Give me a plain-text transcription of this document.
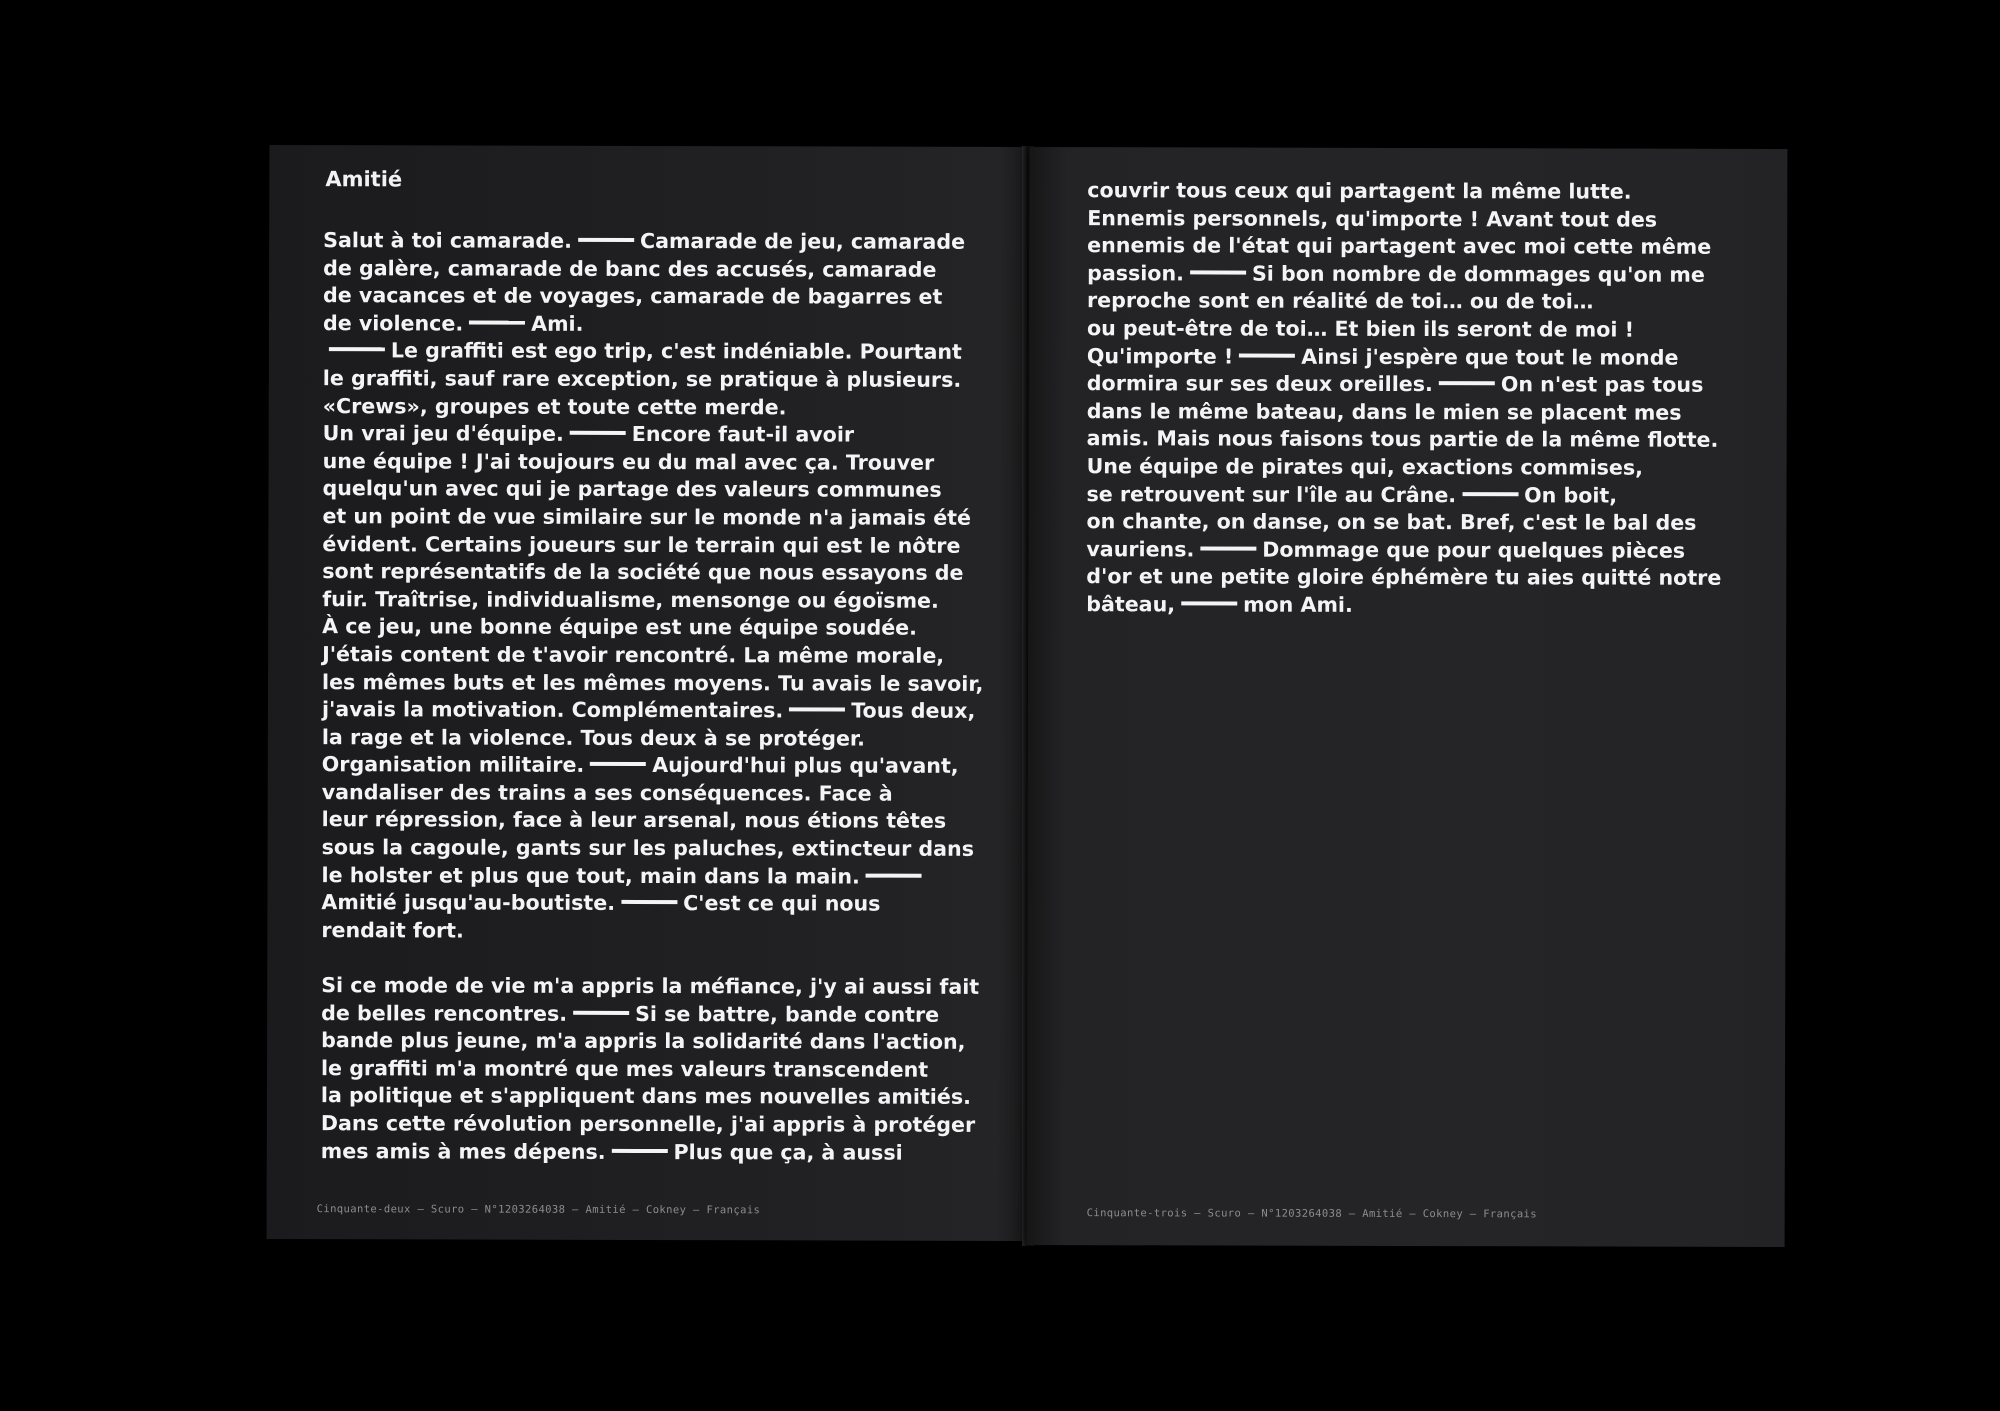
Amitié
Salut à toi camarade.	Camarade de jeu, camarade
de galère, camarade de banc des accusés, camarade
de vacances et de voyages, camarade de bagarres et
de violence.	Ami.
Le graffiti est ego trip, c'est indéniable. Pourtant
le graffiti, sauf rare exception, se pratique à plusieurs.
«Crews», groupes et toute cette merde.
Un vrai jeu d'équipe.	Encore faut-il avoir
une équipe ! J'ai toujours eu du mal avec ça. Trouver
quelqu'un avec qui je partage des valeurs communes
et un point de vue similaire sur le monde n'a jamais été
évident. Certains joueurs sur le terrain qui est le nôtre
sont représentatifs de la société que nous essayons de
fuir. Traîtrise, individualisme, mensonge ou égoïsme.
À ce jeu, une bonne équipe est une équipe soudée.
J'étais content de t'avoir rencontré. La même morale,
les mêmes buts et les mêmes moyens. Tu avais le savoir,
j'avais la motivation. Complémentaires.	Tous deux,
la rage et la violence. Tous deux à se protéger.
Organisation militaire.	Aujourd'hui plus qu'avant,
vandaliser des trains a ses conséquences. Face à
leur répression, face à leur arsenal, nous étions têtes
sous la cagoule, gants sur les paluches, extincteur dans
le holster et plus que tout, main dans la main.
Amitié jusqu'au-boutiste.	C'est ce qui nous
rendait fort.
Si ce mode de vie m'a appris la méfiance, j'y ai aussi fait
de belles rencontres.	Si se battre, bande contre
bande plus jeune, m'a appris la solidarité dans l'action,
le graffiti m'a montré que mes valeurs transcendent
la politique et s'appliquent dans mes nouvelles amitiés.
Dans cette révolution personnelle, j'ai appris à protéger
mes amis à mes dépens.	Plus que ça, à aussi
Cinquante-deux – Scuro – N°1203264038 – Amitié – Cokney – Français
couvrir tous ceux qui partagent la même lutte.
Ennemis personnels, qu'importe ! Avant tout des
ennemis de l'état qui partagent avec moi cette même
passion.	Si bon nombre de dommages qu'on me
reproche sont en réalité de toi… ou de toi…
ou peut-être de toi… Et bien ils seront de moi !
Qu'importe !	Ainsi j'espère que tout le monde
dormira sur ses deux oreilles.	On n'est pas tous
dans le même bateau, dans le mien se placent mes
amis. Mais nous faisons tous partie de la même flotte.
Une équipe de pirates qui, exactions commises,
se retrouvent sur l'île au Crâne.	On boit,
on chante, on danse, on se bat. Bref, c'est le bal des
vauriens.	Dommage que pour quelques pièces
d'or et une petite gloire éphémère tu aies quitté notre
bâteau,	mon Ami.
Cinquante-trois – Scuro – N°1203264038 – Amitié – Cokney – Français
